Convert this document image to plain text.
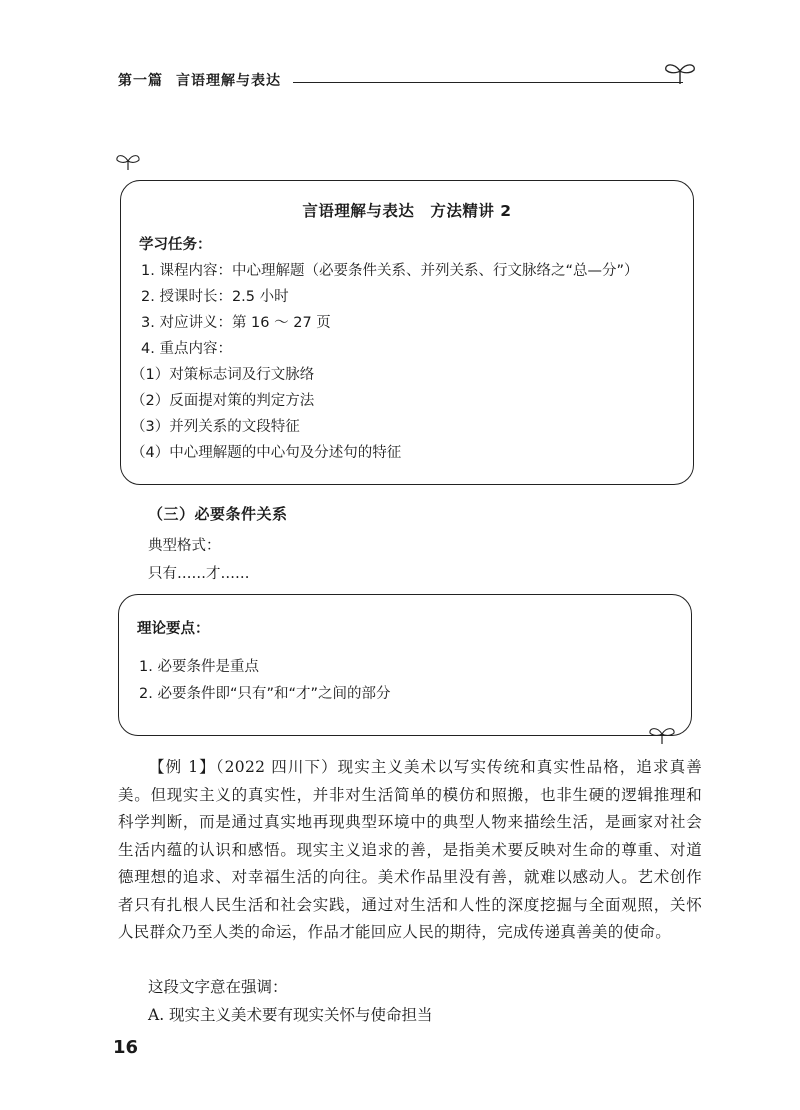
第一篇 言语理解与表达
言语理解与表达　方法精讲 2
学习任务：
1. 课程内容：中心理解题（必要条件关系、并列关系、行文脉络之“总—分”）
2. 授课时长：2.5 小时
3. 对应讲义：第 16 ～ 27 页
4. 重点内容：
（1）对策标志词及行文脉络
（2）反面提对策的判定方法
（3）并列关系的文段特征
（4）中心理解题的中心句及分述句的特征
（三）必要条件关系
典型格式：
只有……才……
理论要点：
1. 必要条件是重点
2. 必要条件即“只有”和“才”之间的部分
【例 1】（2022 四川下）现实主义美术以写实传统和真实性品格，追求真善美。但现实主义的真实性，并非对生活简单的模仿和照搬，也非生硬的逻辑推理和科学判断，而是通过真实地再现典型环境中的典型人物来描绘生活，是画家对社会生活内蕴的认识和感悟。现实主义追求的善，是指美术要反映对生命的尊重、对道德理想的追求、对幸福生活的向往。美术作品里没有善，就难以感动人。艺术创作者只有扎根人民生活和社会实践，通过对生活和人性的深度挖掘与全面观照，关怀人民群众乃至人类的命运，作品才能回应人民的期待，完成传递真善美的使命。
这段文字意在强调：
A. 现实主义美术要有现实关怀与使命担当
16
